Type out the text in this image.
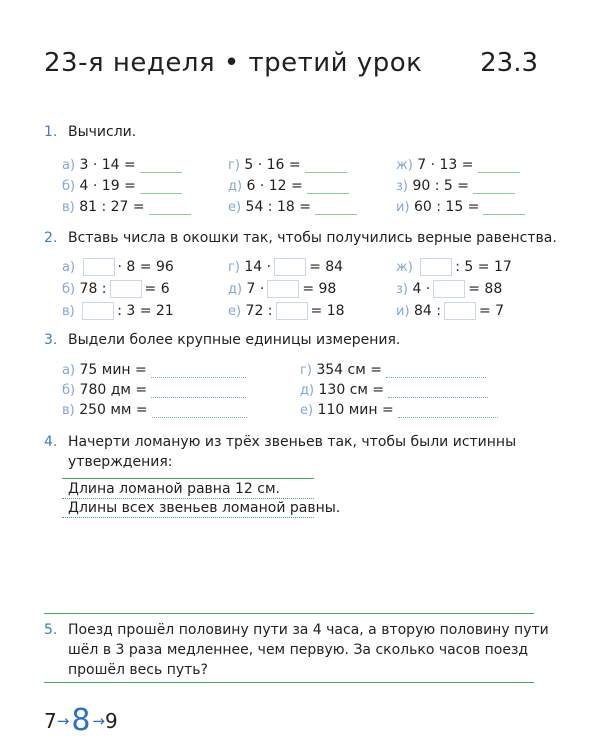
23-я неделя • третий урок 23.3
1. Вычисли.
а)
3 · 14 =
б)
4 · 19 =
в)
81 : 27 =
г)
5 · 16 =
д)
6 · 12 =
е)
54 : 18 =
ж)
7 · 13 =
з)
90 : 5 =
и)
60 : 15 =
2. Вставь числа в окошки так, чтобы получились верные равенства.
а)
	· 8 = 96
б)
78 :	= 6
в)
	: 3 = 21
г)
14 ·	= 84
д)
7 ·	= 98
е)
72 :	= 18
ж)
	: 5 = 17
з)
4 ·	= 88
и)
84 :	= 7
3. Выдели более крупные единицы измерения.
а)
75 мин =
б)
780 дм =
в)
250 мм =
г)
354 см =
д)
130 см =
е)
110 мин =
4. Начерти ломаную из трёх звеньев так, чтобы были истинны
утверждения:
Длина ломаной равна 12 см.
Длины всех звеньев ломаной равны.
5. Поезд прошёл половину пути за 4 часа, а вторую половину пути
шёл в 3 раза медленнее, чем первую. За сколько часов поезд
прошёл весь путь?
7 → 8 → 9
